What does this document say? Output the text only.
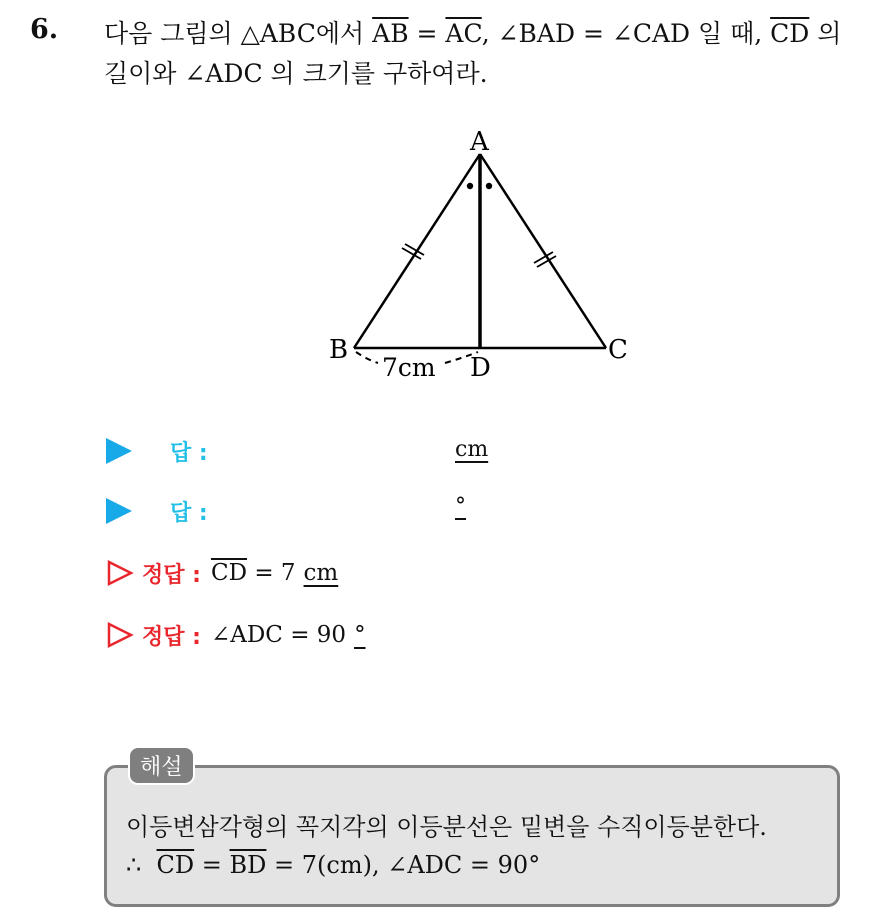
6. 다음 그림의 △ABC에서 $\overline{AB} = \overline{AC}$, ∠BAD = ∠CAD 일 때, $\overline{CD}$ 의
길이와 ∠ADC 의 크기를 구하여라.
A
B	C
D
7cm
답 :	cm
답 :	°
정답 : $\overline{CD} = 7$ cm
정답 : ∠ADC = 90 °
해설
이등변삼각형의 꼭지각의 이등분선은 밑변을 수직이등분한다.
∴ $\overline{CD} = \overline{BD} = 7(cm)$, ∠ADC = 90°
